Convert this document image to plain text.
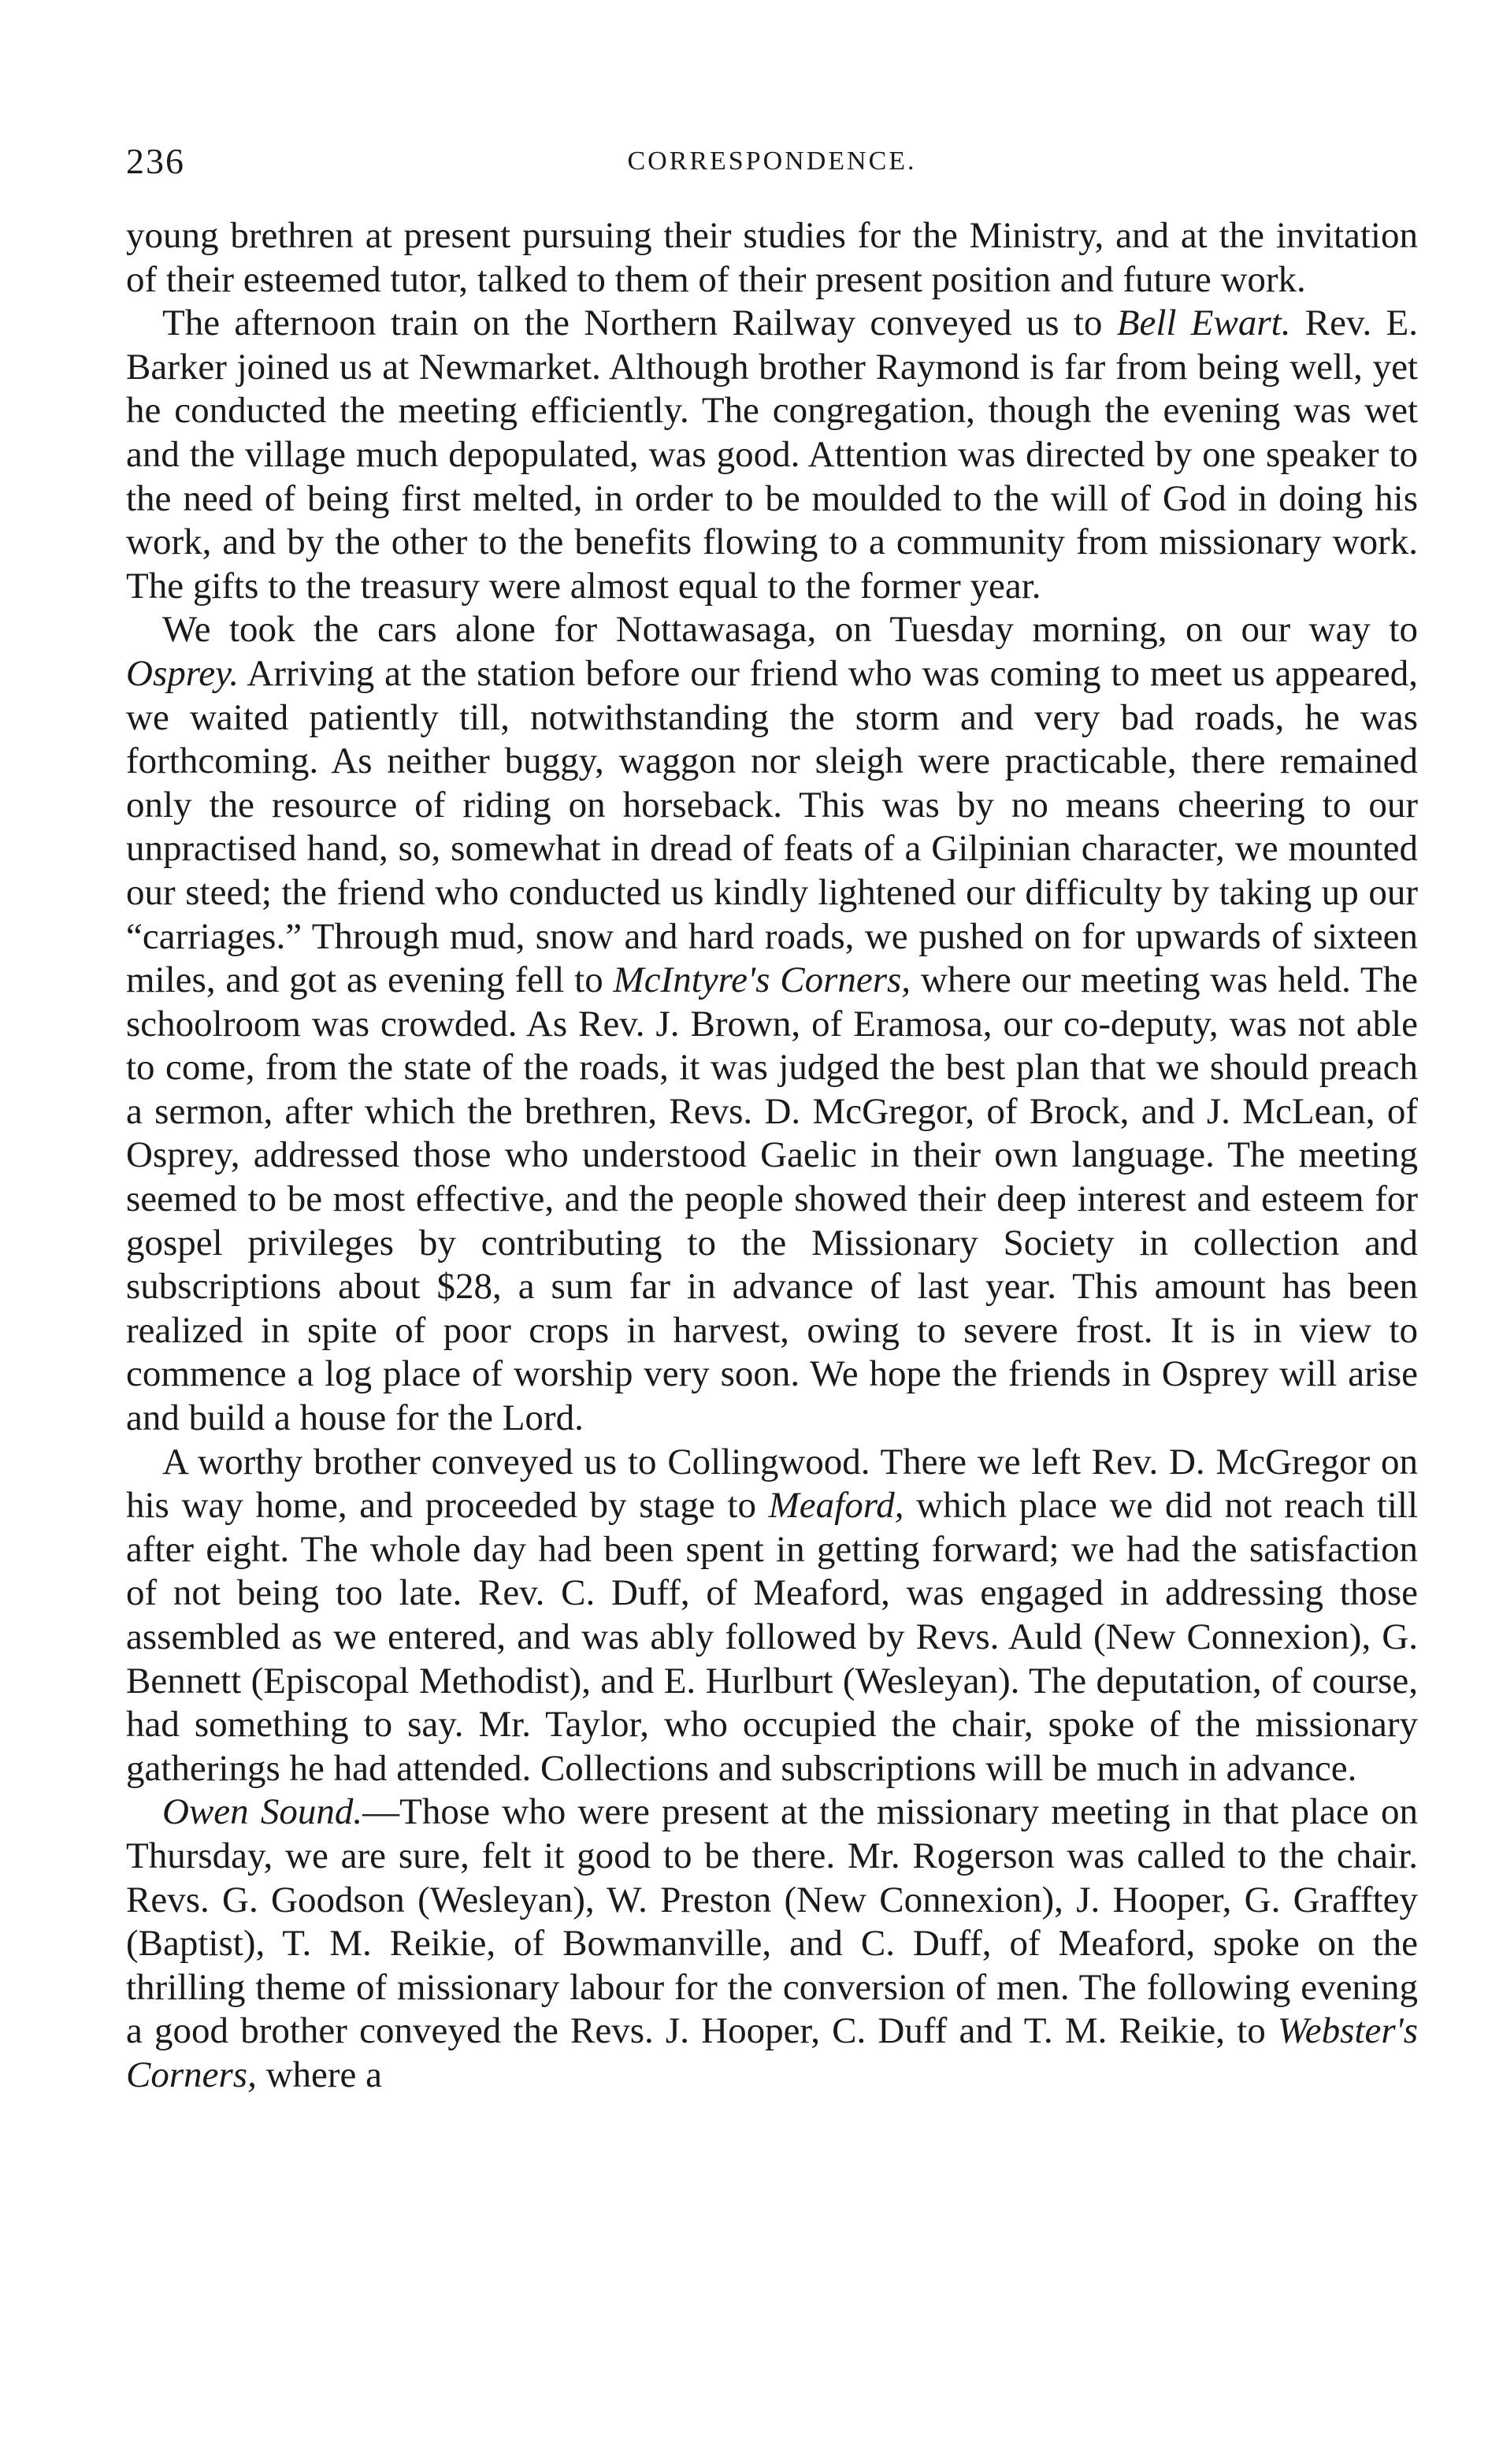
236	CORRESPONDENCE.

young brethren at present pursuing their studies for the Ministry, and at the invitation of their esteemed tutor, talked to them of their present position and future work.

The afternoon train on the Northern Railway conveyed us to Bell Ewart. Rev. E. Barker joined us at Newmarket. Although brother Raymond is far from being well, yet he conducted the meeting efficiently. The congregation, though the evening was wet and the village much depopulated, was good. Attention was directed by one speaker to the need of being first melted, in order to be moulded to the will of God in doing his work, and by the other to the benefits flowing to a community from missionary work. The gifts to the treasury were almost equal to the former year.

We took the cars alone for Nottawasaga, on Tuesday morning, on our way to Osprey. Arriving at the station before our friend who was coming to meet us appeared, we waited patiently till, notwithstanding the storm and very bad roads, he was forthcoming. As neither buggy, waggon nor sleigh were practicable, there remained only the resource of riding on horseback. This was by no means cheering to our unpractised hand, so, somewhat in dread of feats of a Gilpinian character, we mounted our steed; the friend who conducted us kindly lightened our difficulty by taking up our “carriages.” Through mud, snow and hard roads, we pushed on for upwards of sixteen miles, and got as evening fell to McIntyre's Corners, where our meeting was held. The schoolroom was crowded. As Rev. J. Brown, of Eramosa, our co-deputy, was not able to come, from the state of the roads, it was judged the best plan that we should preach a sermon, after which the brethren, Revs. D. McGregor, of Brock, and J. McLean, of Osprey, addressed those who understood Gaelic in their own language. The meeting seemed to be most effective, and the people showed their deep interest and esteem for gospel privileges by contributing to the Missionary Society in collection and subscriptions about $28, a sum far in advance of last year. This amount has been realized in spite of poor crops in harvest, owing to severe frost. It is in view to commence a log place of worship very soon. We hope the friends in Osprey will arise and build a house for the Lord.

A worthy brother conveyed us to Collingwood. There we left Rev. D. McGregor on his way home, and proceeded by stage to Meaford, which place we did not reach till after eight. The whole day had been spent in getting forward; we had the satisfaction of not being too late. Rev. C. Duff, of Meaford, was engaged in addressing those assembled as we entered, and was ably followed by Revs. Auld (New Connexion), G. Bennett (Episcopal Methodist), and E. Hurlburt (Wesleyan). The deputation, of course, had something to say. Mr. Taylor, who occupied the chair, spoke of the missionary gatherings he had attended. Collections and subscriptions will be much in advance.

Owen Sound.—Those who were present at the missionary meeting in that place on Thursday, we are sure, felt it good to be there. Mr. Rogerson was called to the chair. Revs. G. Goodson (Wesleyan), W. Preston (New Connexion), J. Hooper, G. Grafftey (Baptist), T. M. Reikie, of Bowmanville, and C. Duff, of Meaford, spoke on the thrilling theme of missionary labour for the conversion of men. The following evening a good brother conveyed the Revs. J. Hooper, C. Duff and T. M. Reikie, to Webster's Corners, where a
